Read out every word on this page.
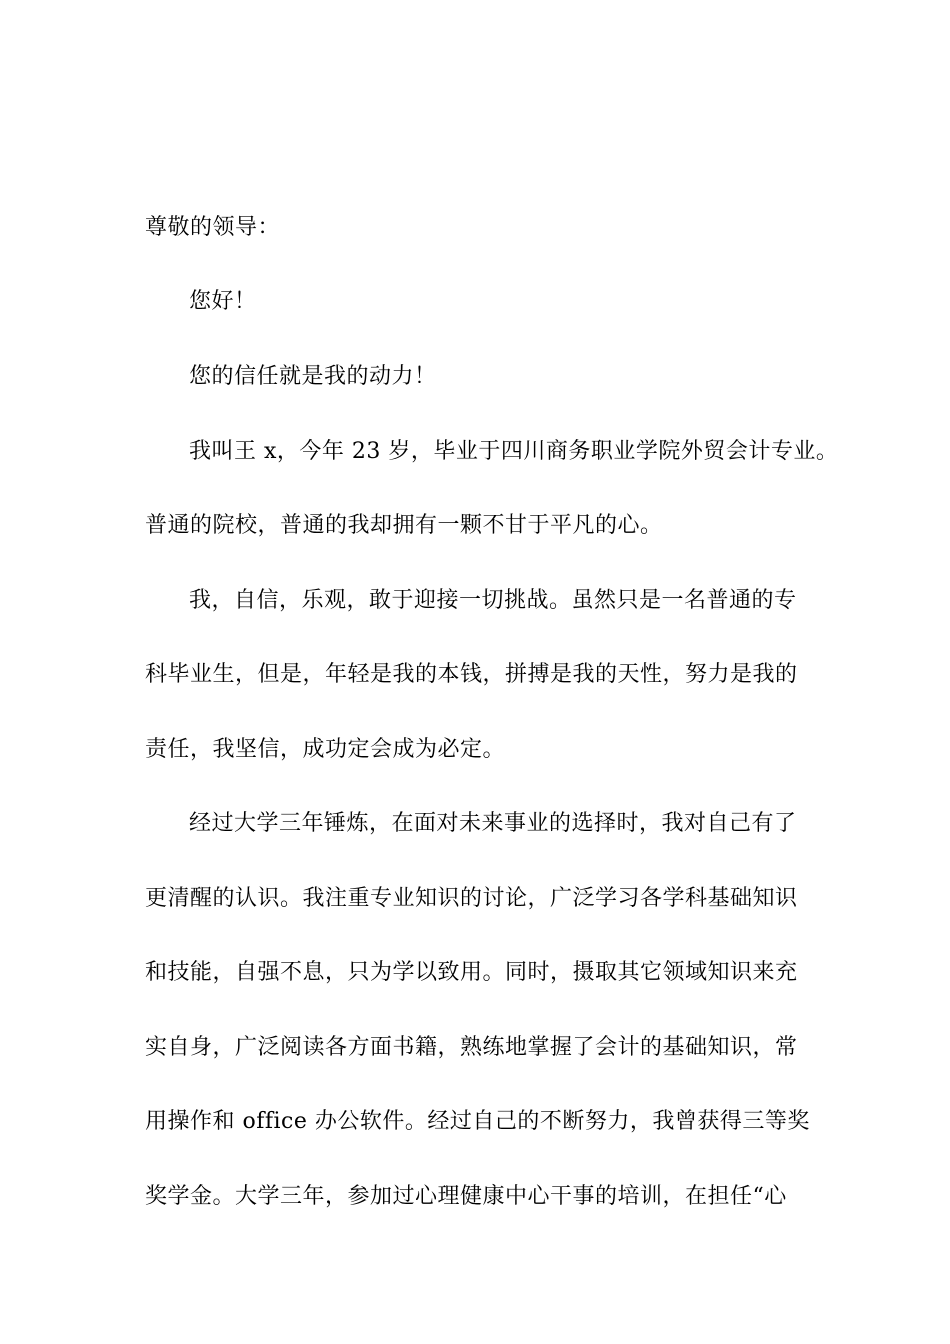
尊敬的领导：

您好！

您的信任就是我的动力！

我叫王 x，今年 23 岁，毕业于四川商务职业学院外贸会计专业。

普通的院校，普通的我却拥有一颗不甘于平凡的心。

我，自信，乐观，敢于迎接一切挑战。虽然只是一名普通的专

科毕业生，但是，年轻是我的本钱，拼搏是我的天性，努力是我的

责任，我坚信，成功定会成为必定。

经过大学三年锤炼，在面对未来事业的选择时，我对自己有了

更清醒的认识。我注重专业知识的讨论，广泛学习各学科基础知识

和技能，自强不息，只为学以致用。同时，摄取其它领域知识来充

实自身，广泛阅读各方面书籍，熟练地掌握了会计的基础知识，常

用操作和 office 办公软件。经过自己的不断努力，我曾获得三等奖

奖学金。大学三年，参加过心理健康中心干事的培训，在担任“心
